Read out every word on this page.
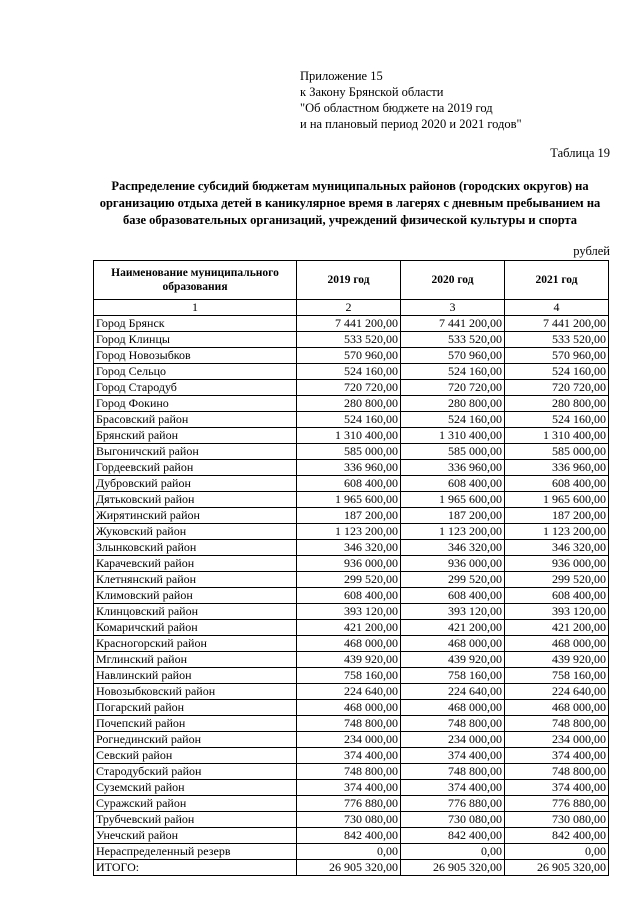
Приложение 15
к Закону Брянской области
"Об областном бюджете на 2019 год
и на плановый период 2020 и 2021 годов"
Таблица 19
Распределение субсидий бюджетам муниципальных районов (городских округов) на организацию отдыха детей в каникулярное время в лагерях с дневным пребыванием на базе образовательных организаций, учреждений физической культуры и спорта
рублей
Наименование муниципального образования	2019 год	2020 год	2021 год
1	2	3	4
Город Брянск	7 441 200,00	7 441 200,00	7 441 200,00
Город Клинцы	533 520,00	533 520,00	533 520,00
Город Новозыбков	570 960,00	570 960,00	570 960,00
Город Сельцо	524 160,00	524 160,00	524 160,00
Город Стародуб	720 720,00	720 720,00	720 720,00
Город Фокино	280 800,00	280 800,00	280 800,00
Брасовский район	524 160,00	524 160,00	524 160,00
Брянский район	1 310 400,00	1 310 400,00	1 310 400,00
Выгоничский район	585 000,00	585 000,00	585 000,00
Гордеевский район	336 960,00	336 960,00	336 960,00
Дубровский район	608 400,00	608 400,00	608 400,00
Дятьковский район	1 965 600,00	1 965 600,00	1 965 600,00
Жирятинский район	187 200,00	187 200,00	187 200,00
Жуковский район	1 123 200,00	1 123 200,00	1 123 200,00
Злынковский район	346 320,00	346 320,00	346 320,00
Карачевский район	936 000,00	936 000,00	936 000,00
Клетнянский район	299 520,00	299 520,00	299 520,00
Климовский район	608 400,00	608 400,00	608 400,00
Клинцовский район	393 120,00	393 120,00	393 120,00
Комаричский район	421 200,00	421 200,00	421 200,00
Красногорский район	468 000,00	468 000,00	468 000,00
Мглинский район	439 920,00	439 920,00	439 920,00
Навлинский район	758 160,00	758 160,00	758 160,00
Новозыбковский район	224 640,00	224 640,00	224 640,00
Погарский район	468 000,00	468 000,00	468 000,00
Почепский район	748 800,00	748 800,00	748 800,00
Рогнединский район	234 000,00	234 000,00	234 000,00
Севский район	374 400,00	374 400,00	374 400,00
Стародубский район	748 800,00	748 800,00	748 800,00
Суземский район	374 400,00	374 400,00	374 400,00
Суражский район	776 880,00	776 880,00	776 880,00
Трубчевский район	730 080,00	730 080,00	730 080,00
Унечский район	842 400,00	842 400,00	842 400,00
Нераспределенный резерв	0,00	0,00	0,00
ИТОГО:	26 905 320,00	26 905 320,00	26 905 320,00
